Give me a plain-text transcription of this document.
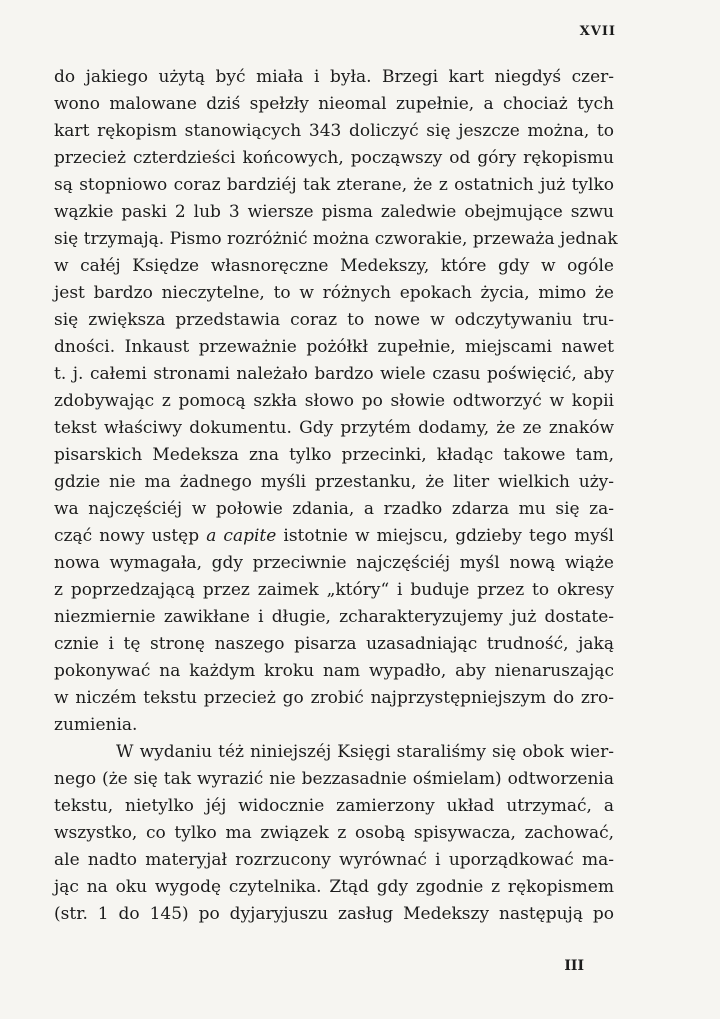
XVII
do jakiego użytą być miała i była. Brzegi kart niegdyś czer-
wono malowane dziś spełzły nieomal zupełnie, a chociaż tych
kart rękopism stanowiących 343 doliczyć się jeszcze można, to
przecież czterdzieści końcowych, począwszy od góry rękopismu
są stopniowo coraz bardziéj tak zterane, że z ostatnich już tylko
wązkie paski 2 lub 3 wiersze pisma zaledwie obejmujące szwu
się trzymają. Pismo rozróżnić można czworakie, przeważa jednak
w całéj Księdze własnoręczne Medekszy, które gdy w ogóle
jest bardzo nieczytelne, to w różnych epokach życia, mimo że
się zwiększa przedstawia coraz to nowe w odczytywaniu tru-
dności. Inkaust przeważnie pożółkł zupełnie, miejscami nawet
t. j. całemi stronami należało bardzo wiele czasu poświęcić, aby
zdobywając z pomocą szkła słowo po słowie odtworzyć w kopii
tekst właściwy dokumentu. Gdy przytém dodamy, że ze znaków
pisarskich Medeksza zna tylko przecinki, kładąc takowe tam,
gdzie nie ma żadnego myśli przestanku, że liter wielkich uży-
wa najczęściéj w połowie zdania, a rzadko zdarza mu się za-
cząć nowy ustęp a capite istotnie w miejscu, gdzieby tego myśl
nowa wymagała, gdy przeciwnie najczęściéj myśl nową wiąże
z poprzedzającą przez zaimek „który“ i buduje przez to okresy
niezmiernie zawikłane i długie, zcharakteryzujemy już dostate-
cznie i tę stronę naszego pisarza uzasadniając trudność, jaką
pokonywać na każdym kroku nam wypadło, aby nienaruszając
w niczém tekstu przecież go zrobić najprzystępniejszym do zro-
zumienia.
W wydaniu téż niniejszéj Księgi staraliśmy się obok wier-
nego (że się tak wyrazić nie bezzasadnie ośmielam) odtworzenia
tekstu, nietylko jéj widocznie zamierzony układ utrzymać, a
wszystko, co tylko ma związek z osobą spisywacza, zachować,
ale nadto materyjał rozrzucony wyrównać i uporządkować ma-
jąc na oku wygodę czytelnika. Ztąd gdy zgodnie z rękopismem
(str. 1 do 145) po dyjaryjuszu zasług Medekszy następują po
III
